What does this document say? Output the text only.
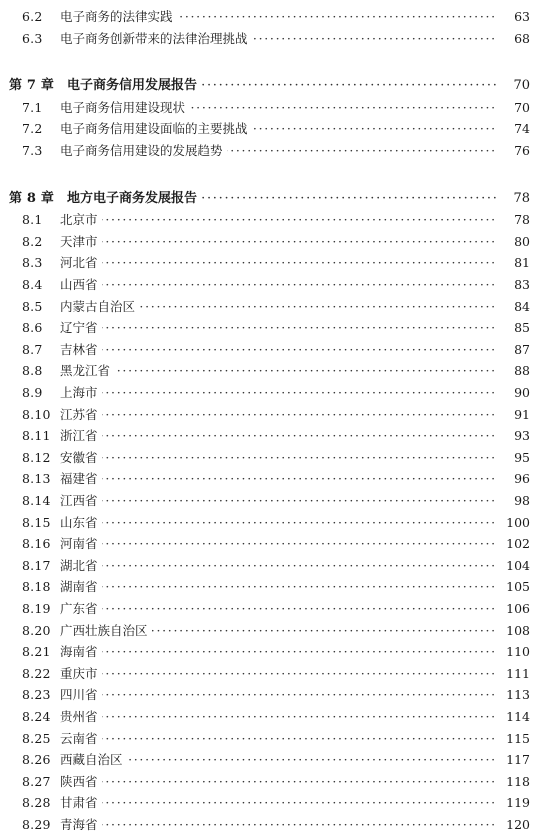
6.2 ·····	电子商务的法律实践	63
6.3 ·····	电子商务创新带来的法律治理挑战	68
第 7 章 ····· 电子商务信用发展报告	70
7.1 ·····	电子商务信用建设现状	70
7.2 ·····	电子商务信用建设面临的主要挑战	74
7.3 ·····	电子商务信用建设的发展趋势	76
第 8 章 ····· 地方电子商务发展报告	78
8.1 ·····	北京市	78
8.2 ·····	天津市	80
8.3 ·····	河北省	81
8.4 ·····	山西省	83
8.5 ·····	内蒙古自治区	84
8.6 ·····	辽宁省	85
8.7 ·····	吉林省	87
8.8 ·····	黑龙江省	88
8.9 ·····	上海市	90
8.10 ····· 江苏省	91
8.11 ····· 浙江省	93
8.12 ····· 安徽省	95
8.13 ····· 福建省	96
8.14 ····· 江西省	98
8.15 ····· 山东省	100
8.16 ····· 河南省	102
8.17 ····· 湖北省	104
8.18 ····· 湖南省	105
8.19 ····· 广东省	106
8.20 ····· 广西壮族自治区	108
8.21 ····· 海南省	110
8.22 ····· 重庆市	111
8.23 ····· 四川省	113
8.24 ····· 贵州省	114
8.25 ····· 云南省	115
8.26 ····· 西藏自治区	117
8.27 ····· 陕西省	118
8.28 ····· 甘肃省	119
8.29 ····· 青海省	120
